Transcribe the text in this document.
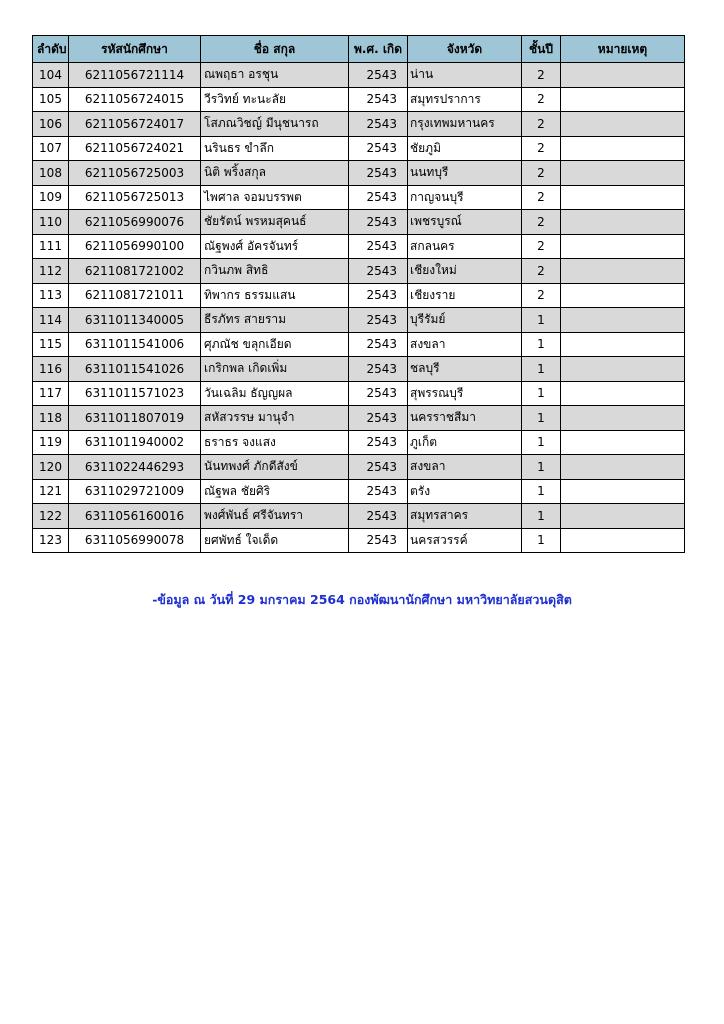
ลำดับ	รหัสนักศึกษา	ชื่อ สกุล	พ.ศ. เกิด	จังหวัด	ชั้นปี	หมายเหตุ
104	6211056721114	ณพฤธา อรชุน	2543	น่าน	2	
105	6211056724015	วีรวิทย์ ทะนะลัย	2543	สมุทรปราการ	2	
106	6211056724017	โสภณวิชญ์ มีนุชนารถ	2543	กรุงเทพมหานคร	2	
107	6211056724021	นรินธร ขำลึก	2543	ชัยภูมิ	2	
108	6211056725003	นิติ พริ้งสกุล	2543	นนทบุรี	2	
109	6211056725013	ไพศาล จอมบรรพต	2543	กาญจนบุรี	2	
110	6211056990076	ชัยรัตน์ พรหมสุคนธ์	2543	เพชรบูรณ์	2	
111	6211056990100	ณัฐพงศ์ อัครจันทร์	2543	สกลนคร	2	
112	6211081721002	กวินภพ สิทธิ	2543	เชียงใหม่	2	
113	6211081721011	ทิพากร ธรรมแสน	2543	เชียงราย	2	
114	6311011340005	ธีรภัทร สายราม	2543	บุรีรัมย์	1	
115	6311011541006	ศุภณัช ขลุกเอียด	2543	สงขลา	1	
116	6311011541026	เกริกพล เกิดเพิ่ม	2543	ชลบุรี	1	
117	6311011571023	วันเฉลิม ธัญญผล	2543	สุพรรณบุรี	1	
118	6311011807019	สหัสวรรษ มานุจำ	2543	นครราชสีมา	1	
119	6311011940002	ธราธร จงแสง	2543	ภูเก็ต	1	
120	6311022446293	นันทพงศ์ ภักดีสังข์	2543	สงขลา	1	
121	6311029721009	ณัฐพล ชัยศิริ	2543	ตรัง	1	
122	6311056160016	พงศ์พันธ์ ศรีจันทรา	2543	สมุทรสาคร	1	
123	6311056990078	ยศพัทธ์ ใจเด็ด	2543	นครสวรรค์	1	
-ข้อมูล ณ วันที่ 29 มกราคม 2564 กองพัฒนานักศึกษา มหาวิทยาลัยสวนดุสิต
